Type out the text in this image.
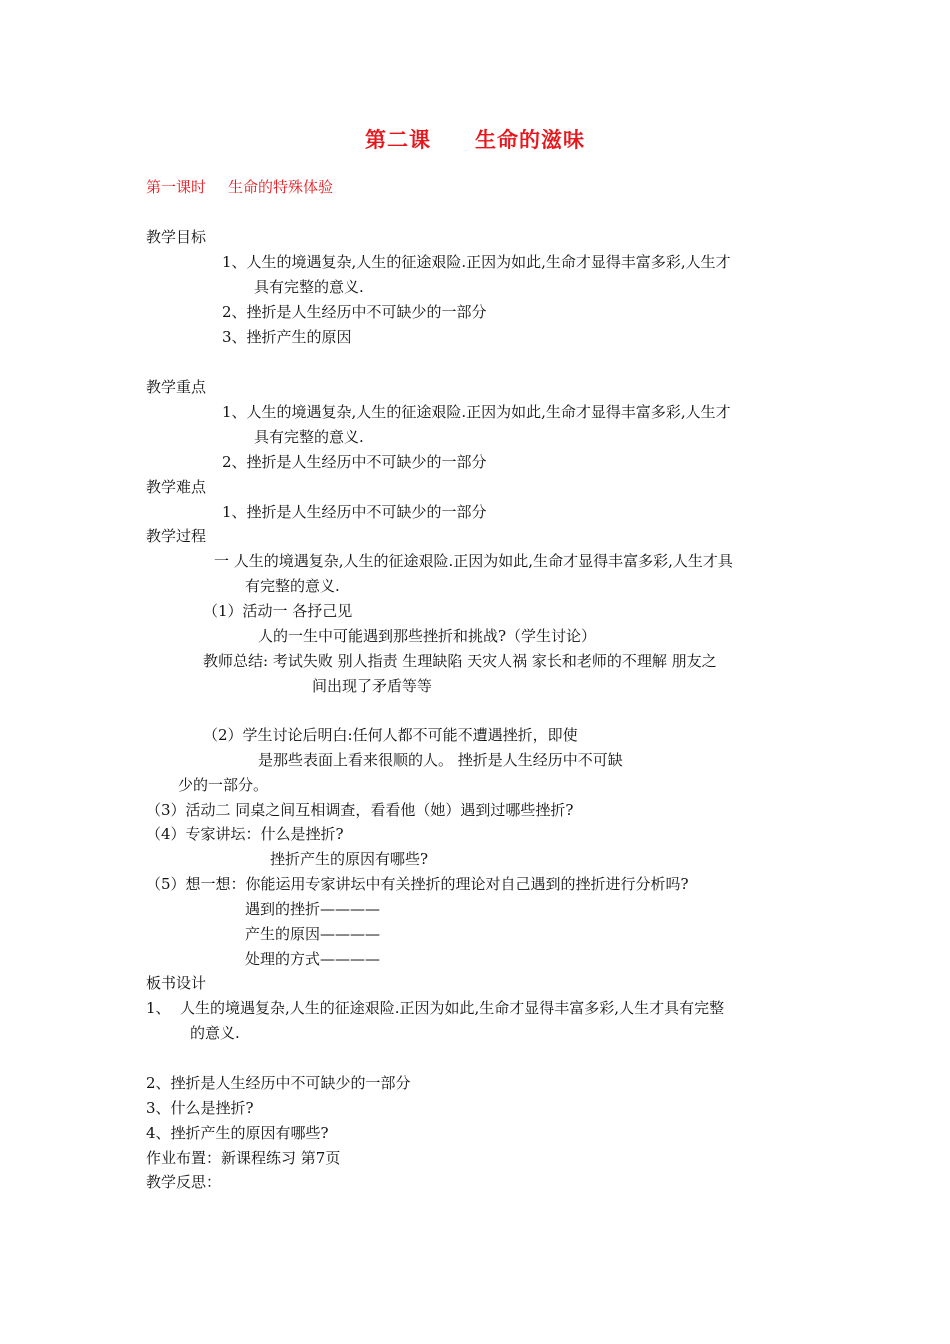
第二课 生命的滋味
第一课时 生命的特殊体验
教学目标
1、人生的境遇复杂,人生的征途艰险.正因为如此,生命才显得丰富多彩,人生才
具有完整的意义.
2、挫折是人生经历中不可缺少的一部分
3、挫折产生的原因
教学重点
1、人生的境遇复杂,人生的征途艰险.正因为如此,生命才显得丰富多彩,人生才
具有完整的意义.
2、挫折是人生经历中不可缺少的一部分
教学难点
1、挫折是人生经历中不可缺少的一部分
教学过程
一 人生的境遇复杂,人生的征途艰险.正因为如此,生命才显得丰富多彩,人生才具
有完整的意义.
（1）活动一 各抒己见
人的一生中可能遇到那些挫折和挑战?（学生讨论）
教师总结: 考试失败 别人指责 生理缺陷 天灾人祸 家长和老师的不理解 朋友之
间出现了矛盾等等
（2）学生讨论后明白:任何人都不可能不遭遇挫折，即使
是那些表面上看来很顺的人。 挫折是人生经历中不可缺
少的一部分。
（3）活动二 同桌之间互相调查，看看他（她）遇到过哪些挫折?
（4）专家讲坛：什么是挫折?
挫折产生的原因有哪些?
（5）想一想：你能运用专家讲坛中有关挫折的理论对自己遇到的挫折进行分析吗?
遇到的挫折————
产生的原因————
处理的方式————
板书设计
1、 人生的境遇复杂,人生的征途艰险.正因为如此,生命才显得丰富多彩,人生才具有完整
的意义.
2、挫折是人生经历中不可缺少的一部分
3、什么是挫折?
4、挫折产生的原因有哪些?
作业布置：新课程练习 第7页
教学反思：
